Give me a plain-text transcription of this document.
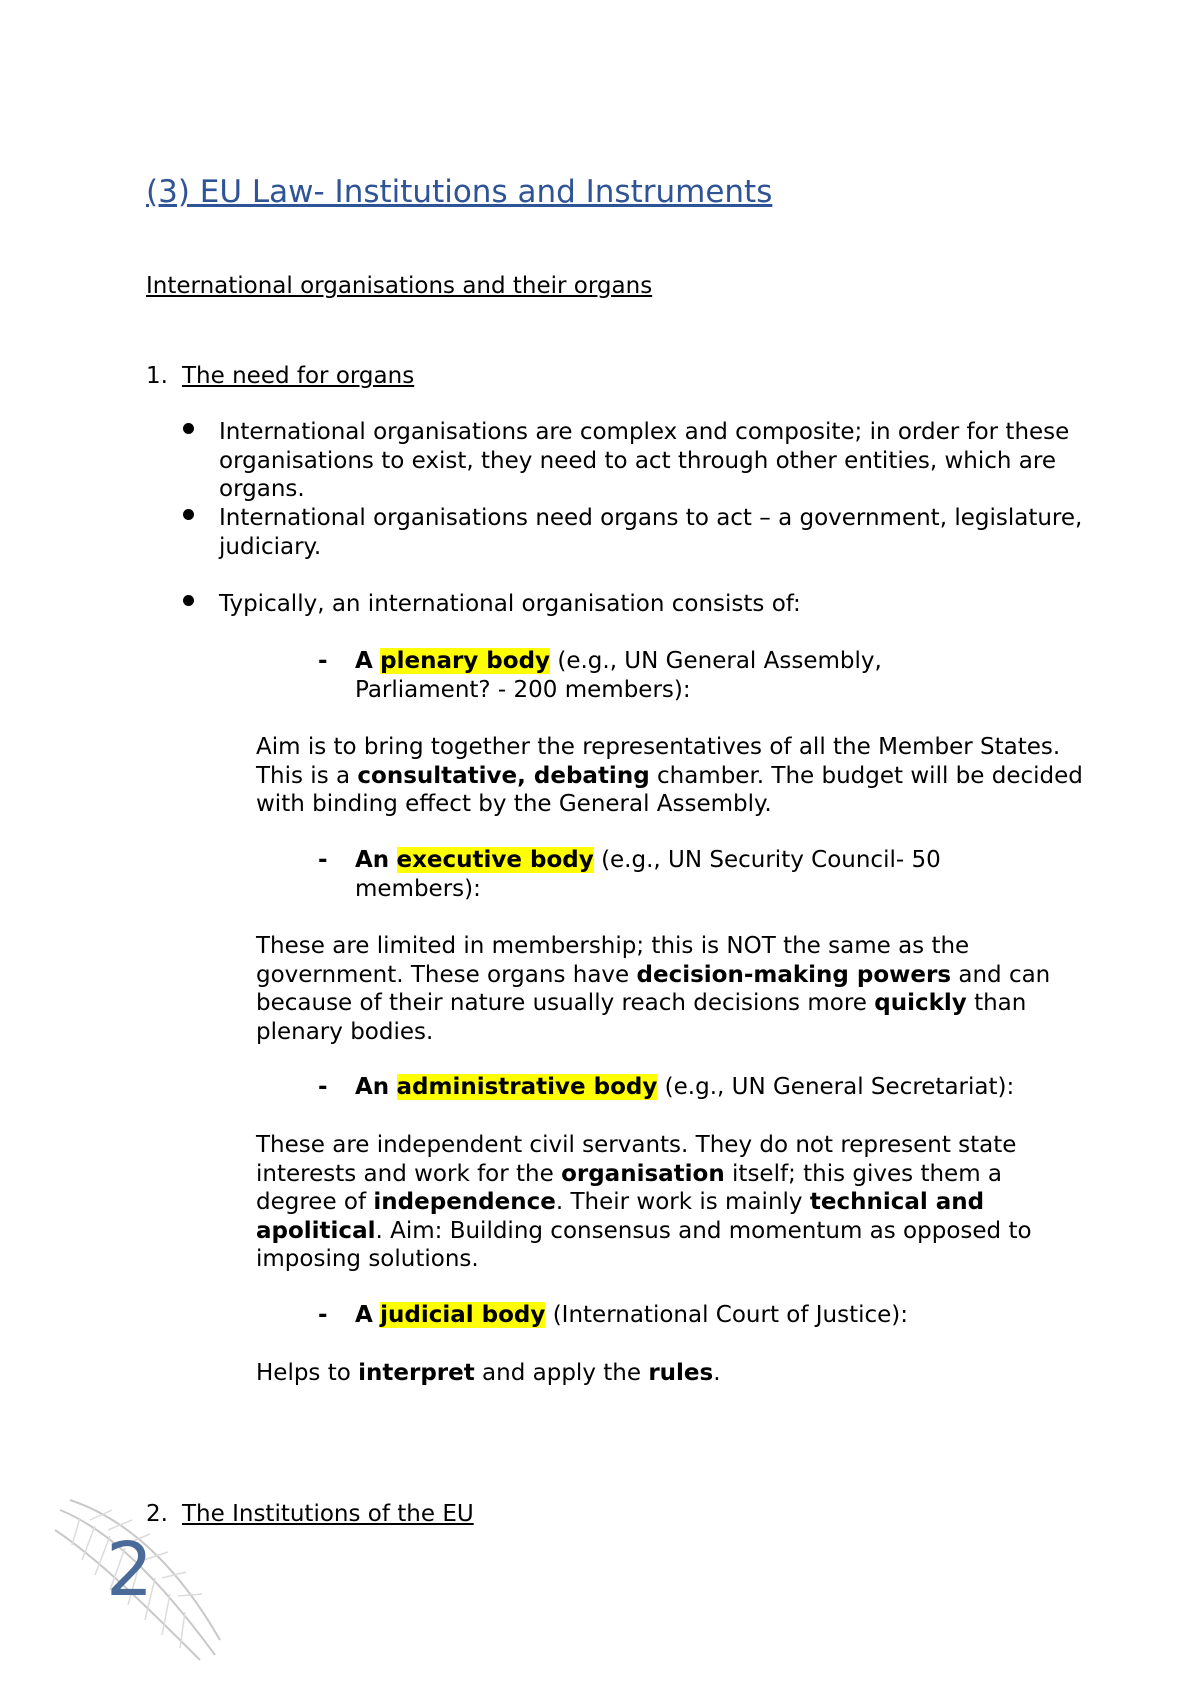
(3) EU Law- Institutions and Instruments
International organisations and their organs
1. The need for organs
International organisations are complex and composite; in order for these organisations to exist, they need to act through other entities, which are organs.
International organisations need organs to act – a government, legislature, judiciary.
Typically, an international organisation consists of:
- A plenary body (e.g., UN General Assembly, Parliament? - 200 members):
Aim is to bring together the representatives of all the Member States. This is a consultative, debating chamber. The budget will be decided with binding effect by the General Assembly.
- An executive body (e.g., UN Security Council- 50 members):
These are limited in membership; this is NOT the same as the government. These organs have decision-making powers and can because of their nature usually reach decisions more quickly than plenary bodies.
- An administrative body (e.g., UN General Secretariat):
These are independent civil servants. They do not represent state interests and work for the organisation itself; this gives them a degree of independence. Their work is mainly technical and apolitical. Aim: Building consensus and momentum as opposed to imposing solutions.
- A judicial body (International Court of Justice):
Helps to interpret and apply the rules.
2. The Institutions of the EU
2
